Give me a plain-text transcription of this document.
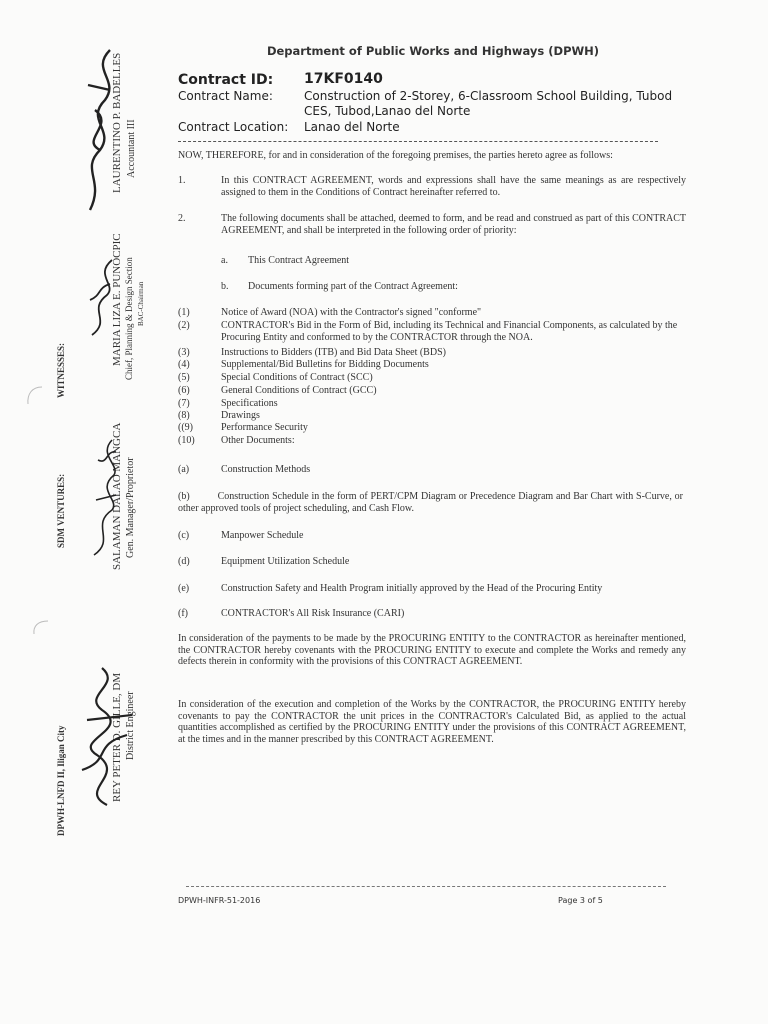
Department of Public Works and Highways (DPWH)
Contract ID: 17KF0140
Contract Name:	Construction of 2-Storey, 6-Classroom School Building, Tubod CES, Tubod,Lanao del Norte
Contract Location: Lanao del Norte
NOW, THEREFORE, for and in consideration of the foregoing premises, the parties hereto agree as follows:
1.	In this CONTRACT AGREEMENT, words and expressions shall have the same meanings as are respectively assigned to them in the Conditions of Contract hereinafter referred to.
2.	The following documents shall be attached, deemed to form, and be read and construed as part of this CONTRACT AGREEMENT, and shall be interpreted in the following order of priority:
a. This Contract Agreement
b. Documents forming part of the Contract Agreement:
(1)	Notice of Award (NOA) with the Contractor's signed "conforme"
(2)	CONTRACTOR's Bid in the Form of Bid, including its Technical and Financial Components, as calculated by the Procuring Entity and conformed to by the CONTRACTOR through the NOA.
(3)	Instructions to Bidders (ITB) and Bid Data Sheet (BDS)
(4)	Supplemental/Bid Bulletins for Bidding Documents
(5)	Special Conditions of Contract (SCC)
(6)	General Conditions of Contract (GCC)
(7)	Specifications
(8)	Drawings
((9)	Performance Security
(10)	Other Documents:
(a)	Construction Methods
(b)	Construction Schedule in the form of PERT/CPM Diagram or Precedence Diagram and Bar Chart with S-Curve, or other approved tools of project scheduling, and Cash Flow.
(c)	Manpower Schedule
(d)	Equipment Utilization Schedule
(e)	Construction Safety and Health Program initially approved by the Head of the Procuring Entity
(f)	CONTRACTOR's All Risk Insurance (CARI)
In consideration of the payments to be made by the PROCURING ENTITY to the CONTRACTOR as hereinafter mentioned, the CONTRACTOR hereby covenants with the PROCURING ENTITY to execute and complete the Works and remedy any defects therein in conformity with the provisions of this CONTRACT AGREEMENT.
In consideration of the execution and completion of the Works by the CONTRACTOR, the PROCURING ENTITY hereby covenants to pay the CONTRACTOR the unit prices in the CONTRACTOR's Calculated Bid, as applied to the actual quantities accomplished as certified by the PROCURING ENTITY under the provisions of this CONTRACT AGREEMENT, at the times and in the manner prescribed by this CONTRACT AGREEMENT.
WITNESSES:
SDM VENTURES:
DPWH-LNFD II, Iligan City
LAURENTINO P. BADELLES Accountant III
MARIA LIZA E. PUNOCPIC Chief, Planning & Design Section BAC-Chairman
SALAMAN DALAO MANGCA Gen. Manager/Proprietor
REY PETER D. GILLE, DM District Engineer
DPWH-INFR-51-2016	Page 3 of 5
